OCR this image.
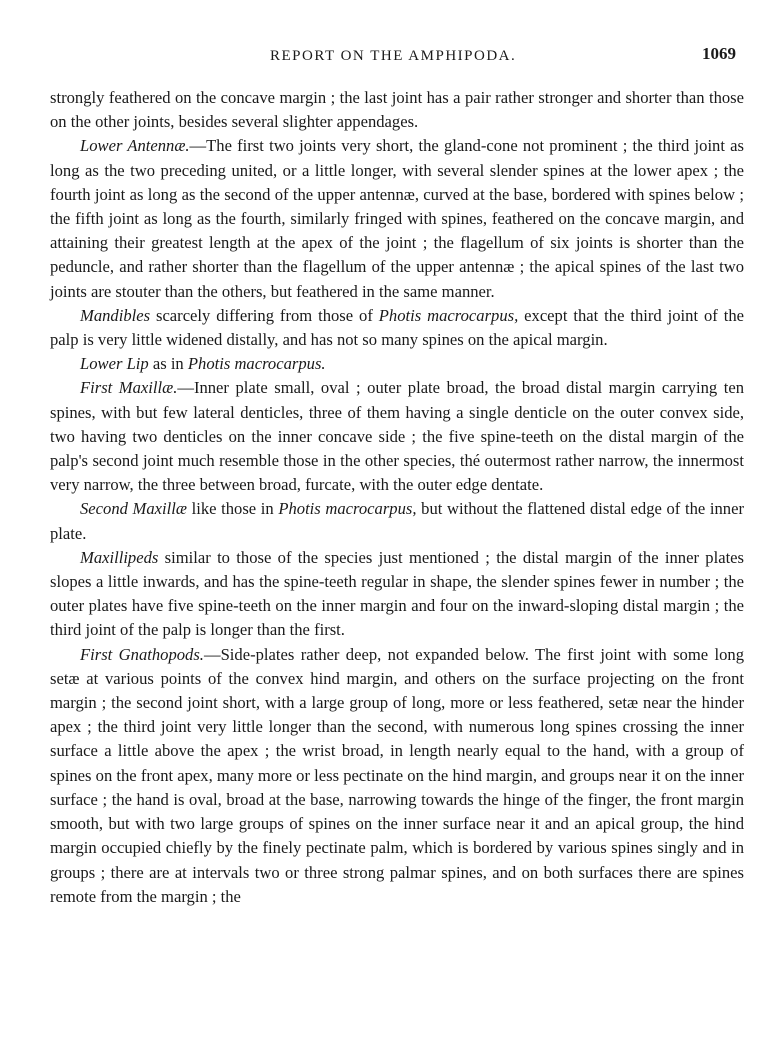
REPORT ON THE AMPHIPODA.	1069

strongly feathered on the concave margin ; the last joint has a pair rather stronger and shorter than those on the other joints, besides several slighter appendages.

Lower Antennæ.—The first two joints very short, the gland-cone not prominent ; the third joint as long as the two preceding united, or a little longer, with several slender spines at the lower apex ; the fourth joint as long as the second of the upper antennæ, curved at the base, bordered with spines below ; the fifth joint as long as the fourth, similarly fringed with spines, feathered on the concave margin, and attaining their greatest length at the apex of the joint ; the flagellum of six joints is shorter than the peduncle, and rather shorter than the flagellum of the upper antennæ ; the apical spines of the last two joints are stouter than the others, but feathered in the same manner.

Mandibles scarcely differing from those of Photis macrocarpus, except that the third joint of the palp is very little widened distally, and has not so many spines on the apical margin.

Lower Lip as in Photis macrocarpus.

First Maxillæ.—Inner plate small, oval ; outer plate broad, the broad distal margin carrying ten spines, with but few lateral denticles, three of them having a single denticle on the outer convex side, two having two denticles on the inner concave side ; the five spine-teeth on the distal margin of the palp's second joint much resemble those in the other species, thé outermost rather narrow, the innermost very narrow, the three between broad, furcate, with the outer edge dentate.

Second Maxillæ like those in Photis macrocarpus, but without the flattened distal edge of the inner plate.

Maxillipeds similar to those of the species just mentioned ; the distal margin of the inner plates slopes a little inwards, and has the spine-teeth regular in shape, the slender spines fewer in number ; the outer plates have five spine-teeth on the inner margin and four on the inward-sloping distal margin ; the third joint of the palp is longer than the first.

First Gnathopods.—Side-plates rather deep, not expanded below. The first joint with some long setæ at various points of the convex hind margin, and others on the surface projecting on the front margin ; the second joint short, with a large group of long, more or less feathered, setæ near the hinder apex ; the third joint very little longer than the second, with numerous long spines crossing the inner surface a little above the apex ; the wrist broad, in length nearly equal to the hand, with a group of spines on the front apex, many more or less pectinate on the hind margin, and groups near it on the inner surface ; the hand is oval, broad at the base, narrowing towards the hinge of the finger, the front margin smooth, but with two large groups of spines on the inner surface near it and an apical group, the hind margin occupied chiefly by the finely pectinate palm, which is bordered by various spines singly and in groups ; there are at intervals two or three strong palmar spines, and on both surfaces there are spines remote from the margin ; the
